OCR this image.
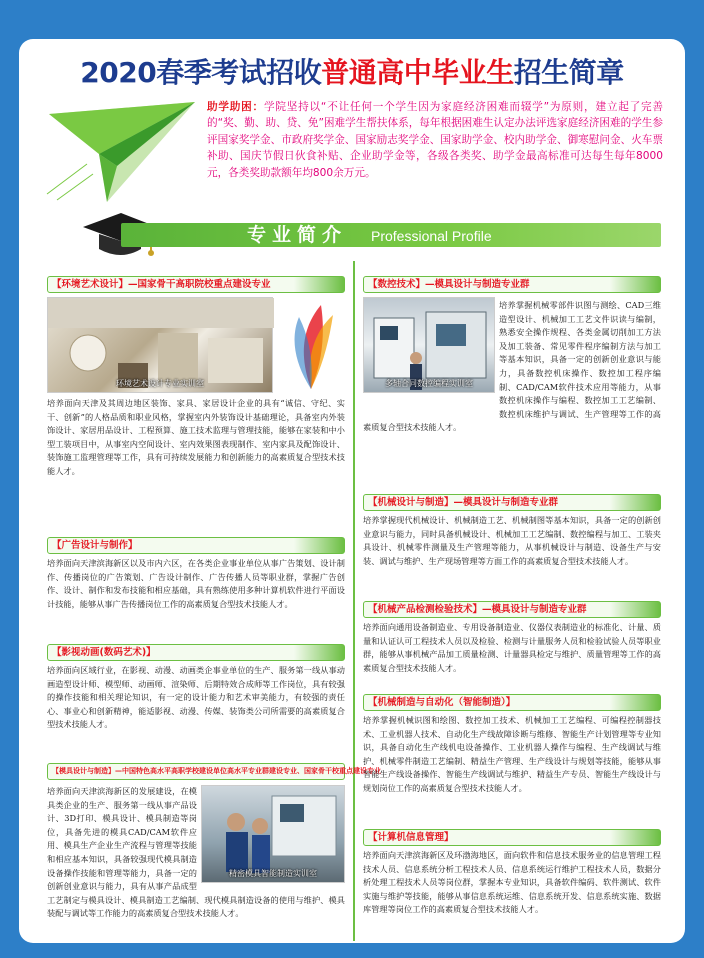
2020春季考试招收普通高中毕业生招生简章
助学助困：学院坚持以“不让任何一个学生因为家庭经济困难而辍学”为原则，建立起了完善的“奖、勤、助、贷、免”困难学生帮扶体系，每年根据困难生认定办法评选家庭经济困难的学生参评国家奖学金、市政府奖学金、国家励志奖学金、国家助学金、校内助学金、御寒慰问金、火车票补助、国庆节假日伙食补贴、企业助学金等，各级各类奖、助学金最高标准可达每生每年8000元，各类奖助款额年均800余万元。
专业简介 Professional Profile
【环境艺术设计】—国家骨干高职院校重点建设专业
环境艺术设计专业实训室
培养面向天津及其周边地区装饰、家具、家居设计企业的具有“诚信、守纪、实干、创新”的人格品质和职业风格，掌握室内外装饰设计基础理论，具备室内外装饰设计、家居用品设计、工程预算、施工技术监理与管理技能，能够在家装和中小型工装项目中，从事室内空间设计、室内效果图表现制作、室内家具及配饰设计、装饰施工监理管理等工作，具有可持续发展能力和创新能力的高素质复合型技术技能人才。
【广告设计与制作】
培养面向天津滨海新区以及市内六区，在各类企业事业单位从事广告策划、设计制作、传播岗位的广告策划、广告设计制作、广告传播人员等职业群，掌握广告创作、设计、制作和发布技能和相应基础，具有熟练使用多种计算机软件进行平面设计技能，能够从事广告传播岗位工作的高素质复合型技术技能人才。
【影视动画(数码艺术)】
培养面向区域行业，在影视、动漫、动画类企事业单位的生产、服务第一线从事动画造型设计师、模型师、动画师、渲染师、后期特效合成师等工作岗位，具有较强的操作技能和相关理论知识，有一定的设计能力和艺术审美能力，有较强的责任心、事业心和创新精神，能适影视、动漫、传媒、装饰类公司所需要的高素质复合型技术技能人才。
【模具设计与制造】—中国特色高水平高职学校建设单位高水平专业群建设专业、国家骨干校重点建设专业
精密模具智能制造实训室
培养面向天津滨海新区的发展建设，在模具类企业的生产、服务第一线从事产品设计、3D打印、模具设计、模具制造等岗位，具备先进的模具CAD/CAM软件应用、模具生产企业生产流程与管理等技能和相应基本知识，具备较强现代模具制造设备操作技能和管理等能力，具备一定的创新创业意识与能力，具有从事产品成型工艺制定与模具设计、模具制造工艺编制、现代模具制造设备的使用与维护、模具装配与调试等工作能力的高素质复合型技术技能人才。
【数控技术】—模具设计与制造专业群
多轴合同数控编程实训室
培养掌握机械零部件识图与测绘、CAD三维造型设计、机械加工工艺文件识读与编制，熟悉安全操作规程、各类金属切削加工方法及加工装备、常见零件程序编制方法与加工等基本知识，具备一定的创新创业意识与能力，具备数控机床操作、数控加工程序编制、CAD/CAM软件技术应用等能力，从事数控机床操作与编程、数控加工工艺编制、数控机床维护与调试、生产管理等工作的高素质复合型技术技能人才。
【机械设计与制造】—模具设计与制造专业群
培养掌握现代机械设计、机械制造工艺、机械制图等基本知识，具备一定的创新创业意识与能力，同时具备机械设计、机械加工工艺编制、数控编程与加工、工装夹具设计、机械零件测量及生产管理等能力，从事机械设计与制造、设备生产与安装、调试与维护、生产现场管理等方面工作的高素质复合型技术技能人才。
【机械产品检测检验技术】—模具设计与制造专业群
培养面向通用设备制造业、专用设备制造业、仪器仪表制造业的标准化、计量、质量和认证认可工程技术人员以及检验、检测与计量服务人员和检验试验人员等职业群，能够从事机械产品加工质量检测、计量器具检定与维护、质量管理等工作的高素质复合型技术技能人才。
【机械制造与自动化（智能制造）】
培养掌握机械识图和绘图、数控加工技术、机械加工工艺编程、可编程控制器技术、工业机器人技术、自动化生产线故障诊断与维修、智能生产计划管理等专业知识，具备自动化生产线机电设备操作、工业机器人操作与编程、生产线调试与维护、机械零件制造工艺编制、精益生产管理、生产线设计与规划等技能，能够从事智能生产线设备操作、智能生产线调试与维护、精益生产专员、智能生产线设计与规划岗位工作的高素质复合型技术技能人才。
【计算机信息管理】
培养面向天津滨海新区及环渤海地区，面向软件和信息技术服务业的信息管理工程技术人员、信息系统分析工程技术人员、信息系统运行维护工程技术人员，数据分析处理工程技术人员等岗位群，掌握本专业知识，具备软件编码、软件测试、软件实施与维护等技能，能够从事信息系统运维、信息系统开发、信息系统实施、数据库管理等岗位工作的高素质复合型技术技能人才。
